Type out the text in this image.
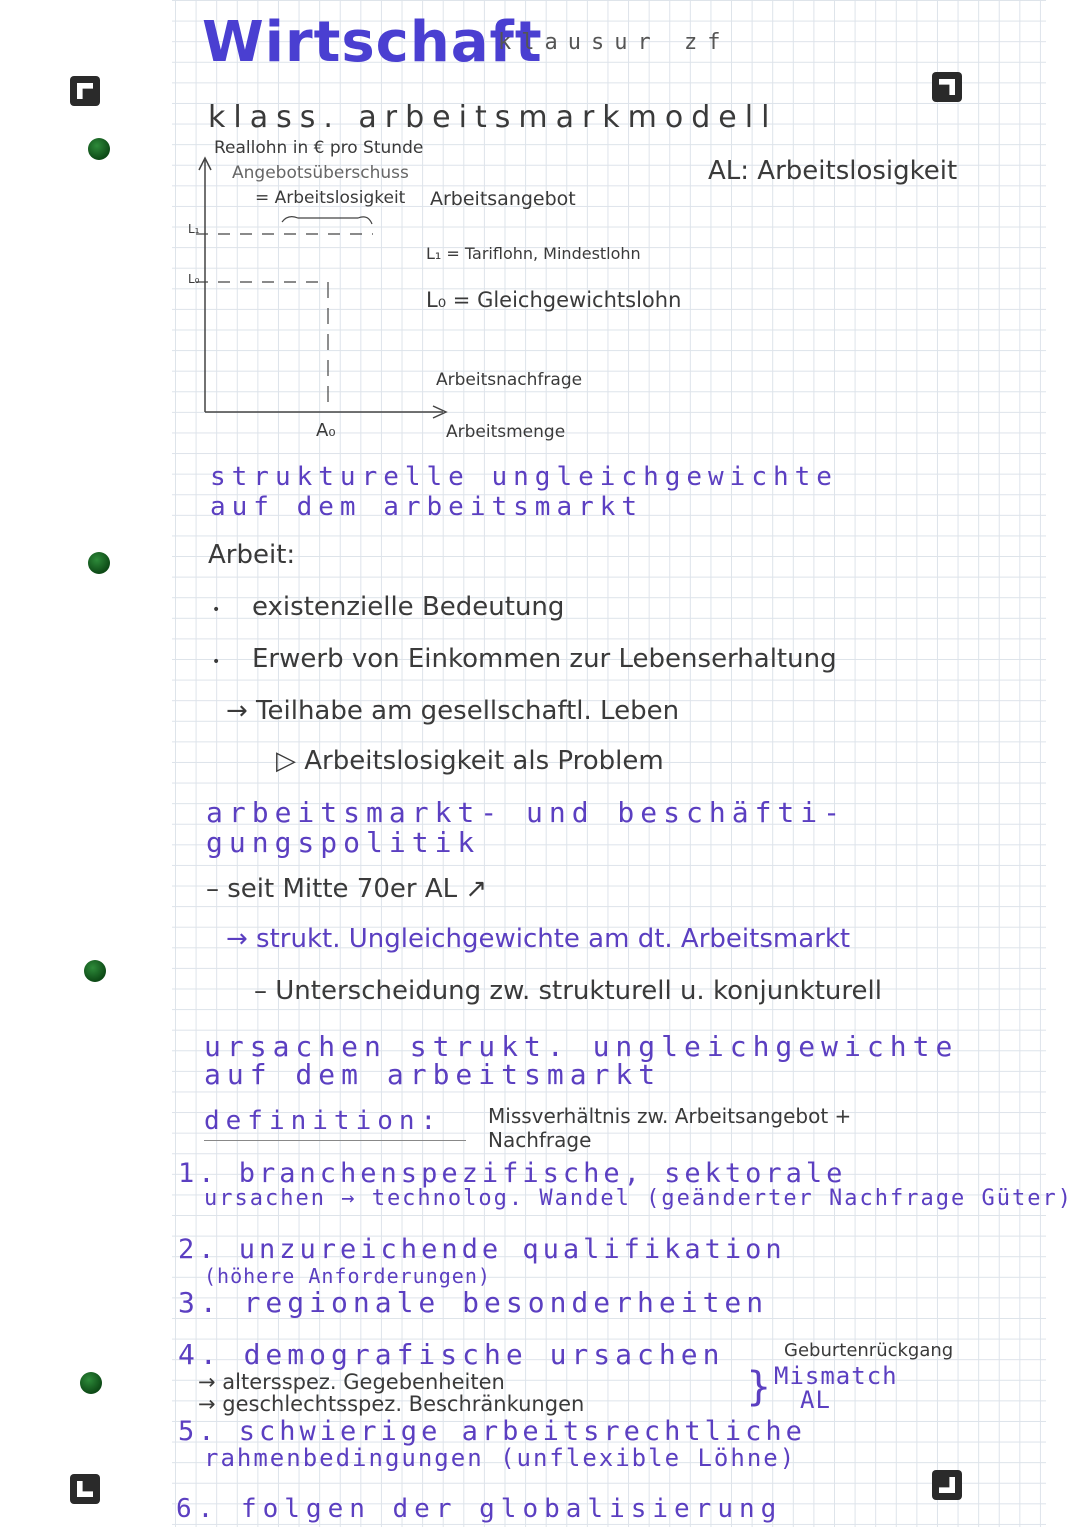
Wirtschaft
klausur zf
klass. arbeitsmarkmodell
Reallohn in € pro Stunde
Angebotsüberschuss
= Arbeitslosigkeit Arbeitsangebot
AL: Arbeitslosigkeit
L₁
L₀
L₁ = Tariflohn, Mindestlohn
L₀ = Gleichgewichtslohn
Arbeitsnachfrage
A₀	Arbeitsmenge
strukturelle ungleichgewichte
auf dem arbeitsmarkt
Arbeit:
• existenzielle Bedeutung
• Erwerb von Einkommen zur Lebenserhaltung
→ Teilhabe am gesellschaftl. Leben
▷ Arbeitslosigkeit als Problem
arbeitsmarkt- und beschäfti-
gungspolitik
– seit Mitte 70er AL ↗
→ strukt. Ungleichgewichte am dt. Arbeitsmarkt
– Unterscheidung zw. strukturell u. konjunkturell
ursachen strukt. ungleichgewichte
auf dem arbeitsmarkt
definition: Missverhältnis zw. Arbeitsangebot +
Nachfrage
1. branchenspezifische, sektorale
ursachen → technolog. Wandel (geänderter Nachfrage Güter)
2. unzureichende qualifikation
(höhere Anforderungen)
3. regionale besonderheiten
4. demografische ursachen	Geburtenrückgang
Mismatch
AL
}
→ altersspez. Gegebenheiten
→ geschlechtsspez. Beschränkungen
5. schwierige arbeitsrechtliche
rahmenbedingungen (unflexible Löhne)
6. folgen der globalisierung
